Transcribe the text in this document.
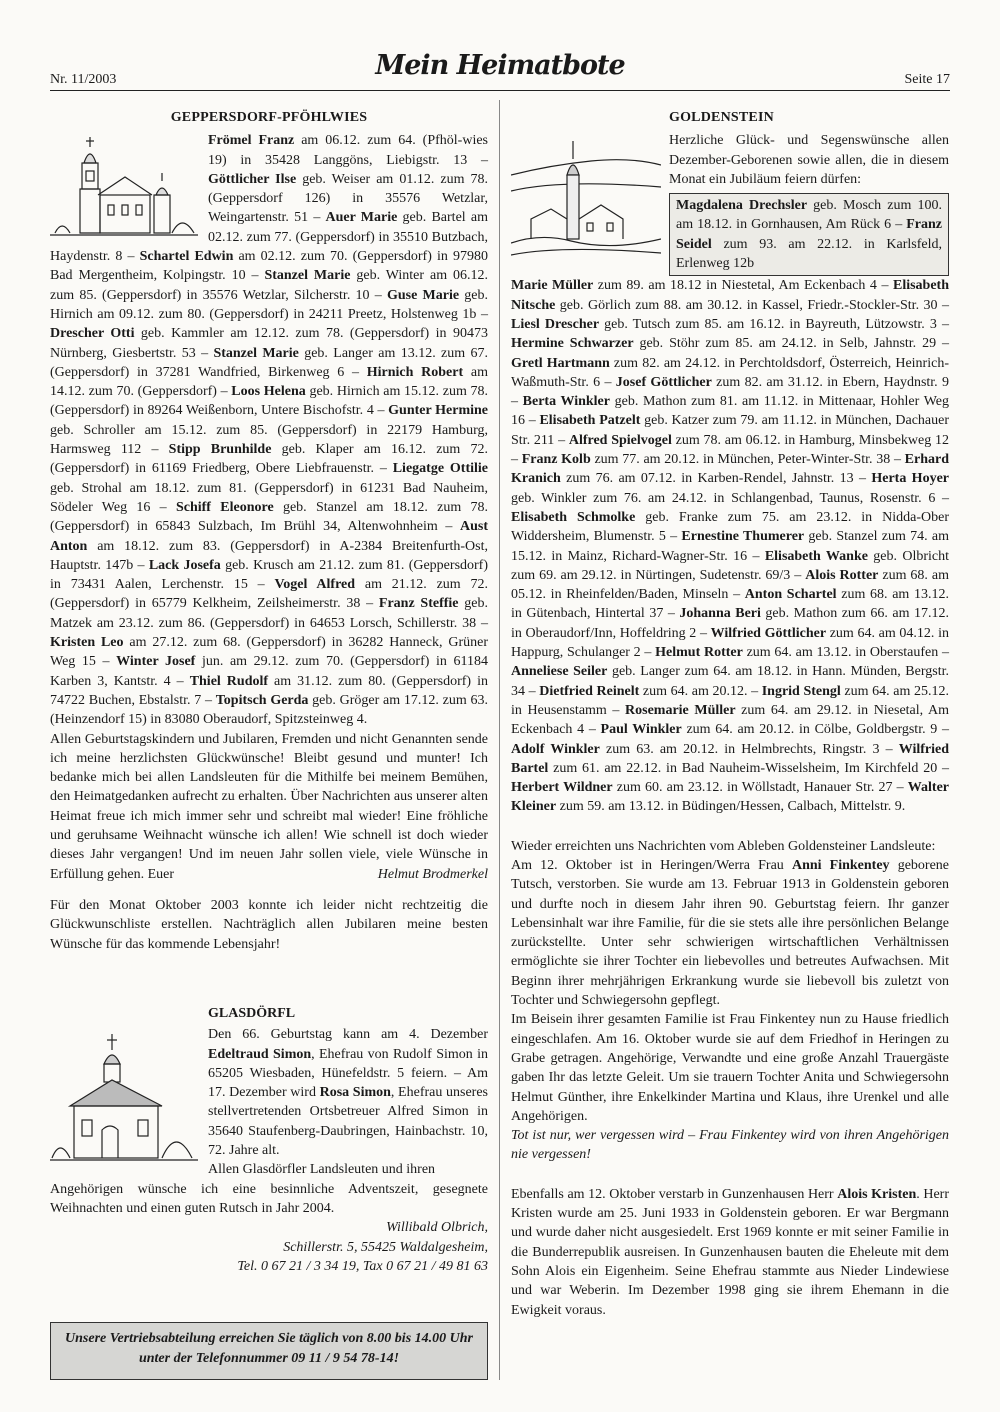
Nr. 11/2003	Mein Heimatbote	Seite 17
GEPPERSDORF-PFÖHLWIES

Frömel Franz am 06.12. zum 64. (Pfhöl-wies 19) in 35428 Langgöns, Liebigstr. 13 – Göttlicher Ilse geb. Weiser am 01.12. zum 78. (Geppersdorf 126) in 35576 Wetzlar, Weingartenstr. 51 – Auer Marie geb. Bartel am 02.12. zum 77. (Geppersdorf) in 35510 Butzbach, Haydenstr. 8 – Schartel Edwin am 02.12. zum 70. (Geppersdorf) in 97980 Bad Mergentheim, Kolpingstr. 10 – Stanzel Marie geb. Winter am 06.12. zum 85. (Geppersdorf) in 35576 Wetzlar, Silcherstr. 10 – Guse Marie geb. Hirnich am 09.12. zum 80. (Geppersdorf) in 24211 Preetz, Holstenweg 1b – Drescher Otti geb. Kammler am 12.12. zum 78. (Geppersdorf) in 90473 Nürnberg, Giesbertstr. 53 – Stanzel Marie geb. Langer am 13.12. zum 67. (Geppersdorf) in 37281 Wandfried, Birkenweg 6 – Hirnich Robert am 14.12. zum 70. (Geppersdorf) – Loos Helena geb. Hirnich am 15.12. zum 78. (Geppersdorf) in 89264 Weißenborn, Untere Bischofstr. 4 – Gunter Hermine geb. Schroller am 15.12. zum 85. (Geppersdorf) in 22179 Hamburg, Harmsweg 112 – Stipp Brunhilde geb. Klaper am 16.12. zum 72. (Geppersdorf) in 61169 Friedberg, Obere Liebfrauenstr. – Liegatge Ottilie geb. Strohal am 18.12. zum 81. (Geppersdorf) in 61231 Bad Nauheim, Södeler Weg 16 – Schiff Eleonore geb. Stanzel am 18.12. zum 78. (Geppersdorf) in 65843 Sulzbach, Im Brühl 34, Altenwohnheim – Aust Anton am 18.12. zum 83. (Geppersdorf) in A-2384 Breitenfurth-Ost, Hauptstr. 147b – Lack Josefa geb. Krusch am 21.12. zum 81. (Geppersdorf) in 73431 Aalen, Lerchenstr. 15 – Vogel Alfred am 21.12. zum 72. (Geppersdorf) in 65779 Kelkheim, Zeilsheimerstr. 38 – Franz Steffie geb. Matzek am 23.12. zum 86. (Geppersdorf) in 64653 Lorsch, Schillerstr. 38 – Kristen Leo am 27.12. zum 68. (Geppersdorf) in 36282 Hanneck, Grüner Weg 15 – Winter Josef jun. am 29.12. zum 70. (Geppersdorf) in 61184 Karben 3, Kantstr. 4 – Thiel Rudolf am 31.12. zum 80. (Geppersdorf) in 74722 Buchen, Ebstalstr. 7 – Topitsch Gerda geb. Gröger am 17.12. zum 63. (Heinzendorf 15) in 83080 Oberaudorf, Spitzsteinweg 4.

Allen Geburtstagskindern und Jubilaren, Fremden und nicht Genannten sende ich meine herzlichsten Glückwünsche! Bleibt gesund und munter! Ich bedanke mich bei allen Landsleuten für die Mithilfe bei meinem Bemühen, den Heimatgedanken aufrecht zu erhalten. Über Nachrichten aus unserer alten Heimat freue ich mich immer sehr und schreibt mal wieder! Eine fröhliche und geruhsame Weihnacht wünsche ich allen! Wie schnell ist doch wieder dieses Jahr vergangen! Und im neuen Jahr sollen viele, viele Wünsche in Erfüllung gehen. Euer	Helmut Brodmerkel

Für den Monat Oktober 2003 konnte ich leider nicht rechtzeitig die Glückwunschliste erstellen. Nachträglich allen Jubilaren meine besten Wünsche für das kommende Lebensjahr!

GLASDÖRFL

Den 66. Geburtstag kann am 4. Dezember Edeltraud Simon, Ehefrau von Rudolf Simon in 65205 Wiesbaden, Hünefeldstr. 5 feiern. – Am 17. Dezember wird Rosa Simon, Ehefrau unseres stellvertretenden Ortsbetreuer Alfred Simon in 35640 Staufenberg-Daubringen, Hainbachstr. 10, 72. Jahre alt.

Allen Glasdörfler Landsleuten und ihren

Angehörigen wünsche ich eine besinnliche Adventszeit, gesegnete Weihnachten und einen guten Rutsch in Jahr 2004.

Willibald Olbrich,
Schillerstr. 5, 55425 Waldalgesheim,
Tel. 0 67 21 / 3 34 19, Tax 0 67 21 / 49 81 63
Unsere Vertriebsabteilung erreichen Sie täglich von 8.00 bis 14.00 Uhr unter der Telefonnummer 09 11 / 9 54 78-14!
GOLDENSTEIN

Herzliche Glück- und Segenswünsche allen Dezember-Geborenen sowie allen, die in diesem Monat ein Jubiläum feiern dürfen:

Magdalena Drechsler geb. Mosch zum 100. am 18.12. in Gornhausen, Am Rück 6 – Franz Seidel zum 93. am 22.12. in Karlsfeld, Erlenweg 12b

Marie Müller zum 89. am 18.12 in Niestetal, Am Eckenbach 4 – Elisabeth Nitsche geb. Görlich zum 88. am 30.12. in Kassel, Friedr.-Stockler-Str. 30 – Liesl Drescher geb. Tutsch zum 85. am 16.12. in Bayreuth, Lützowstr. 3 – Hermine Schwarzer geb. Stöhr zum 85. am 24.12. in Selb, Jahnstr. 29 – Gretl Hartmann zum 82. am 24.12. in Perchtoldsdorf, Österreich, Heinrich-Waßmuth-Str. 6 – Josef Göttlicher zum 82. am 31.12. in Ebern, Haydnstr. 9 – Berta Winkler geb. Mathon zum 81. am 11.12. in Mittenaar, Hohler Weg 16 – Elisabeth Patzelt geb. Katzer zum 79. am 11.12. in München, Dachauer Str. 211 – Alfred Spielvogel zum 78. am 06.12. in Hamburg, Minsbekweg 12 – Franz Kolb zum 77. am 20.12. in München, Peter-Winter-Str. 38 – Erhard Kranich zum 76. am 07.12. in Karben-Rendel, Jahnstr. 13 – Herta Hoyer geb. Winkler zum 76. am 24.12. in Schlangenbad, Taunus, Rosenstr. 6 – Elisabeth Schmolke geb. Franke zum 75. am 23.12. in Nidda-Ober Widdersheim, Blumenstr. 5 – Ernestine Thumerer geb. Stanzel zum 74. am 15.12. in Mainz, Richard-Wagner-Str. 16 – Elisabeth Wanke geb. Olbricht zum 69. am 29.12. in Nürtingen, Sudetenstr. 69/3 – Alois Rotter zum 68. am 05.12. in Rheinfelden/Baden, Minseln – Anton Schartel zum 68. am 13.12. in Gütenbach, Hintertal 37 – Johanna Beri geb. Mathon zum 66. am 17.12. in Oberaudorf/Inn, Hoffeldring 2 – Wilfried Göttlicher zum 64. am 04.12. in Happurg, Schulanger 2 – Helmut Rotter zum 64. am 13.12. in Oberstaufen – Anneliese Seiler geb. Langer zum 64. am 18.12. in Hann. Münden, Bergstr. 34 – Dietfried Reinelt zum 64. am 20.12. – Ingrid Stengl zum 64. am 25.12. in Heusenstamm – Rosemarie Müller zum 64. am 29.12. in Niesetal, Am Eckenbach 4 – Paul Winkler zum 64. am 20.12. in Cölbe, Goldbergstr. 9 – Adolf Winkler zum 63. am 20.12. in Helmbrechts, Ringstr. 3 – Wilfried Bartel zum 61. am 22.12. in Bad Nauheim-Wisselsheim, Im Kirchfeld 20 – Herbert Wildner zum 60. am 23.12. in Wöllstadt, Hanauer Str. 27 – Walter Kleiner zum 59. am 13.12. in Büdingen/Hessen, Calbach, Mittelstr. 9.

Wieder erreichten uns Nachrichten vom Ableben Goldensteiner Landsleute:

Am 12. Oktober ist in Heringen/Werra Frau Anni Finkentey geborene Tutsch, verstorben. Sie wurde am 13. Februar 1913 in Goldenstein geboren und durfte noch in diesem Jahr ihren 90. Geburtstag feiern. Ihr ganzer Lebensinhalt war ihre Familie, für die sie stets alle ihre persönlichen Belange zurückstellte. Unter sehr schwierigen wirtschaftlichen Verhältnissen ermöglichte sie ihrer Tochter ein liebevolles und betreutes Aufwachsen. Mit Beginn ihrer mehrjährigen Erkrankung wurde sie liebevoll bis zuletzt von Tochter und Schwiegersohn gepflegt.

Im Beisein ihrer gesamten Familie ist Frau Finkentey nun zu Hause friedlich eingeschlafen. Am 16. Oktober wurde sie auf dem Friedhof in Heringen zu Grabe getragen. Angehörige, Verwandte und eine große Anzahl Trauergäste gaben Ihr das letzte Geleit. Um sie trauern Tochter Anita und Schwiegersohn Helmut Günther, ihre Enkelkinder Martina und Klaus, ihre Urenkel und alle Angehörigen.

Tot ist nur, wer vergessen wird – Frau Finkentey wird von ihren Angehörigen nie vergessen!

Ebenfalls am 12. Oktober verstarb in Gunzenhausen Herr Alois Kristen. Herr Kristen wurde am 25. Juni 1933 in Goldenstein geboren. Er war Bergmann und wurde daher nicht ausgesiedelt. Erst 1969 konnte er mit seiner Familie in die Bunderrepublik ausreisen. In Gunzenhausen bauten die Eheleute mit dem Sohn Alois ein Eigenheim. Seine Ehefrau stammte aus Nieder Lindewiese und war Weberin. Im Dezember 1998 ging sie ihrem Ehemann in die Ewigkeit voraus.
